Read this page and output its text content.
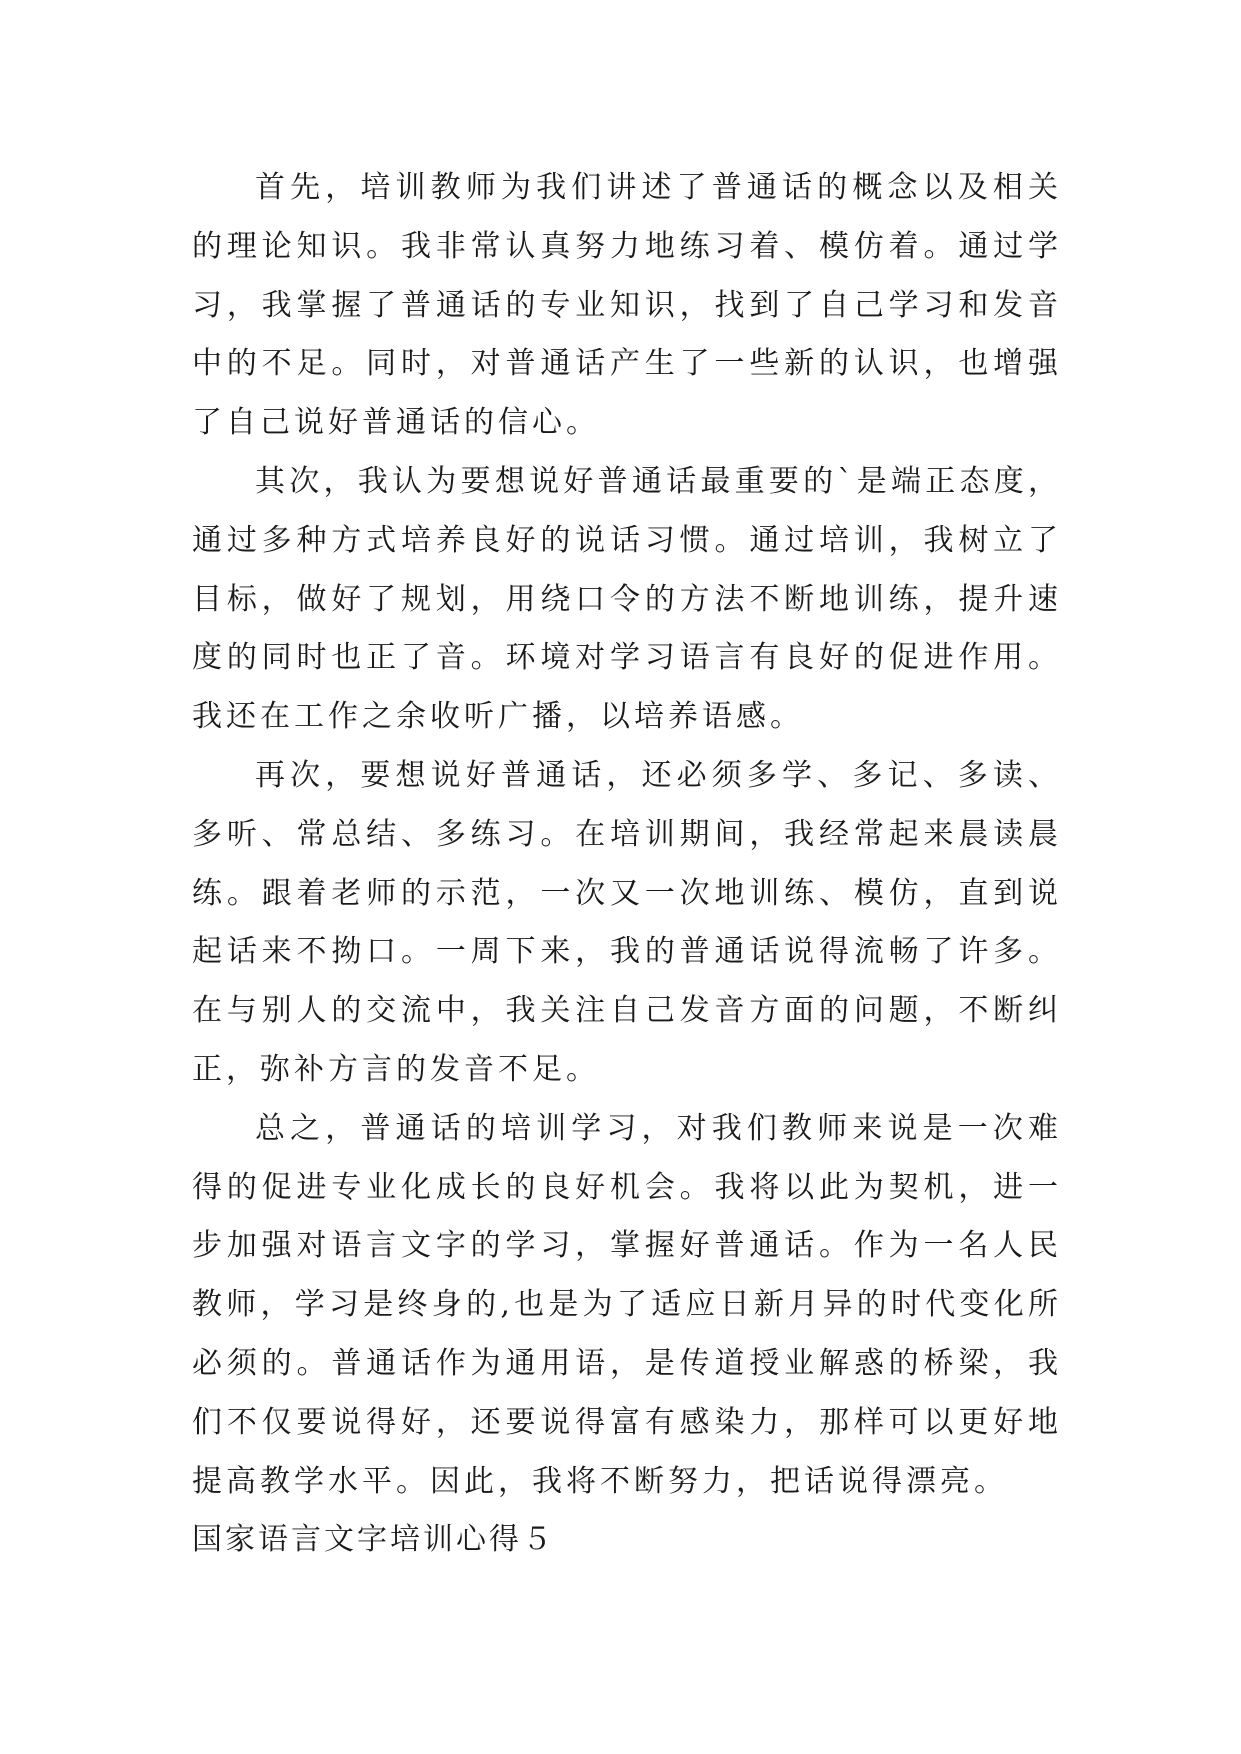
首先，培训教师为我们讲述了普通话的概念以及相关的理论知识。我非常认真努力地练习着、模仿着。通过学习，我掌握了普通话的专业知识，找到了自己学习和发音中的不足。同时，对普通话产生了一些新的认识，也增强了自己说好普通话的信心。

其次，我认为要想说好普通话最重要的`是端正态度，通过多种方式培养良好的说话习惯。通过培训，我树立了目标，做好了规划，用绕口令的方法不断地训练，提升速度的同时也正了音。环境对学习语言有良好的促进作用。我还在工作之余收听广播，以培养语感。

再次，要想说好普通话，还必须多学、多记、多读、多听、常总结、多练习。在培训期间，我经常起来晨读晨练。跟着老师的示范，一次又一次地训练、模仿，直到说起话来不拗口。一周下来，我的普通话说得流畅了许多。在与别人的交流中，我关注自己发音方面的问题，不断纠正，弥补方言的发音不足。

总之，普通话的培训学习，对我们教师来说是一次难得的促进专业化成长的良好机会。我将以此为契机，进一步加强对语言文字的学习，掌握好普通话。作为一名人民教师，学习是终身的,也是为了适应日新月异的时代变化所必须的。普通话作为通用语，是传道授业解惑的桥梁，我们不仅要说得好，还要说得富有感染力，那样可以更好地提高教学水平。因此，我将不断努力，把话说得漂亮。

国家语言文字培训心得５
